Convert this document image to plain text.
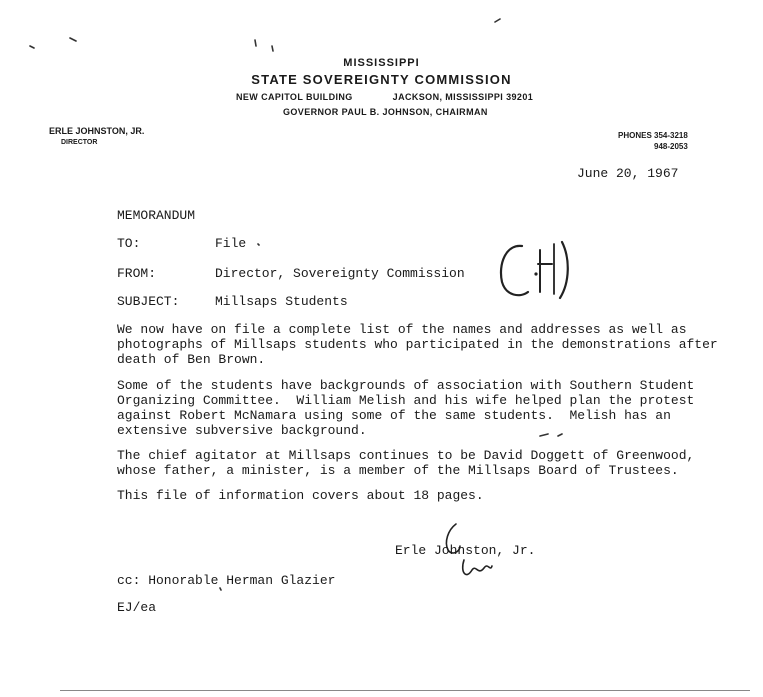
MISSISSIPPI
STATE SOVEREIGNTY COMMISSION
NEW CAPITOL BUILDING	JACKSON, MISSISSIPPI 39201
GOVERNOR PAUL B. JOHNSON, CHAIRMAN
ERLE JOHNSTON, JR.
DIRECTOR
PHONES 354-3218
948-2053
June 20, 1967
MEMORANDUM
TO:	File
FROM:	Director, Sovereignty Commission
SUBJECT:	Millsaps Students
We now have on file a complete list of the names and addresses as well as
photographs of Millsaps students who participated in the demonstrations after
death of Ben Brown.
Some of the students have backgrounds of association with Southern Student
Organizing Committee.  William Melish and his wife helped plan the protest
against Robert McNamara using some of the same students.  Melish has an
extensive subversive background.
The chief agitator at Millsaps continues to be David Doggett of Greenwood,
whose father, a minister, is a member of the Millsaps Board of Trustees.
This file of information covers about 18 pages.
Erle Johnston, Jr.
cc: Honorable Herman Glazier
EJ/ea
